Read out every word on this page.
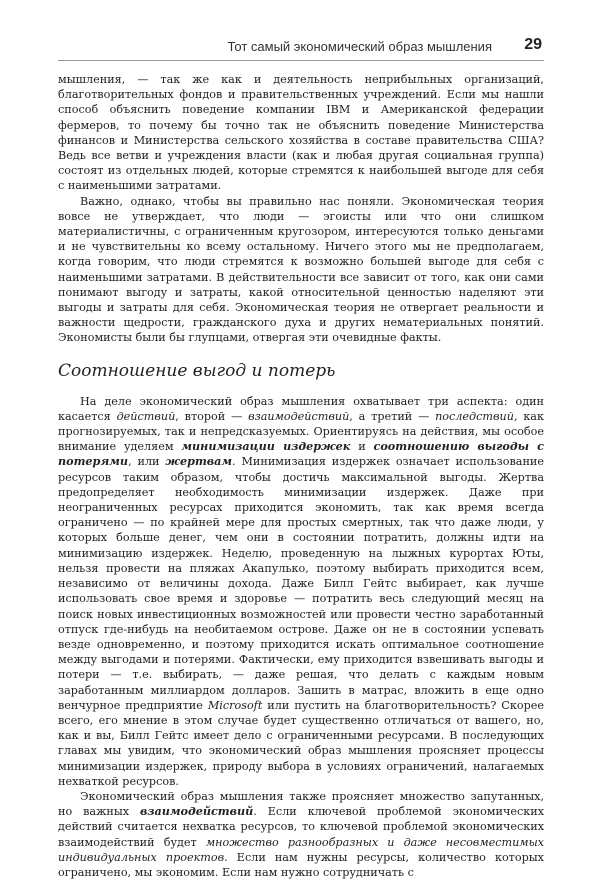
Тот самый экономический образ мышления 29

мышления, — так же как и деятельность неприбыльных организаций, благотворительных фондов и правительственных учреждений. Если мы нашли способ объяснить поведение компании IBM и Американской федерации фермеров, то почему бы точно так не объяснить поведение Министерства финансов и Министерства сельского хозяйства в составе правительства США? Ведь все ветви и учреждения власти (как и любая другая социальная группа) состоят из отдельных людей, которые стремятся к наибольшей выгоде для себя с наименьшими затратами.

Важно, однако, чтобы вы правильно нас поняли. Экономическая теория вовсе не утверждает, что люди — эгоисты или что они слишком материалистичны, с ограниченным кругозором, интересуются только деньгами и не чувствительны ко всему остальному. Ничего этого мы не предполагаем, когда говорим, что люди стремятся к возможно большей выгоде для себя с наименьшими затратами. В действительности все зависит от того, как они сами понимают выгоду и затраты, какой относительной ценностью наделяют эти выгоды и затраты для себя. Экономическая теория не отвергает реальности и важности щедрости, гражданского духа и других нематериальных понятий. Экономисты были бы глупцами, отвергая эти очевидные факты.

Соотношение выгод и потерь

На деле экономический образ мышления охватывает три аспекта: один касается действий, второй — взаимодействий, а третий — последствий, как прогнозируемых, так и непредсказуемых. Ориентируясь на действия, мы особое внимание уделяем минимизации издержек и соотношению выгоды с потерями, или жертвам. Минимизация издержек означает использование ресурсов таким образом, чтобы достичь максимальной выгоды. Жертва предопределяет необходимость минимизации издержек. Даже при неограниченных ресурсах приходится экономить, так как время всегда ограничено — по крайней мере для простых смертных, так что даже люди, у которых больше денег, чем они в состоянии потратить, должны идти на минимизацию издержек. Неделю, проведенную на лыжных курортах Юты, нельзя провести на пляжах Акапулько, поэтому выбирать приходится всем, независимо от величины дохода. Даже Билл Гейтс выбирает, как лучше использовать свое время и здоровье — потратить весь следующий месяц на поиск новых инвестиционных возможностей или провести честно заработанный отпуск где-нибудь на необитаемом острове. Даже он не в состоянии успевать везде одновременно, и поэтому приходится искать оптимальное соотношение между выгодами и потерями. Фактически, ему приходится взвешивать выгоды и потери — т.е. выбирать, — даже решая, что делать с каждым новым заработанным миллиардом долларов. Зашить в матрас, вложить в еще одно венчурное предприятие Microsoft или пустить на благотворительность? Скорее всего, его мнение в этом случае будет существенно отличаться от вашего, но, как и вы, Билл Гейтс имеет дело с ограниченными ресурсами. В последующих главах мы увидим, что экономический образ мышления проясняет процессы минимизации издержек, природу выбора в условиях ограничений, налагаемых нехваткой ресурсов.

Экономический образ мышления также проясняет множество запутанных, но важных взаимодействий. Если ключевой проблемой экономических действий считается нехватка ресурсов, то ключевой проблемой экономических взаимодействий будет множество разнообразных и даже несовместимых индивидуальных проектов. Если нам нужны ресурсы, количество которых ограничено, мы экономим. Если нам нужно сотрудничать с
